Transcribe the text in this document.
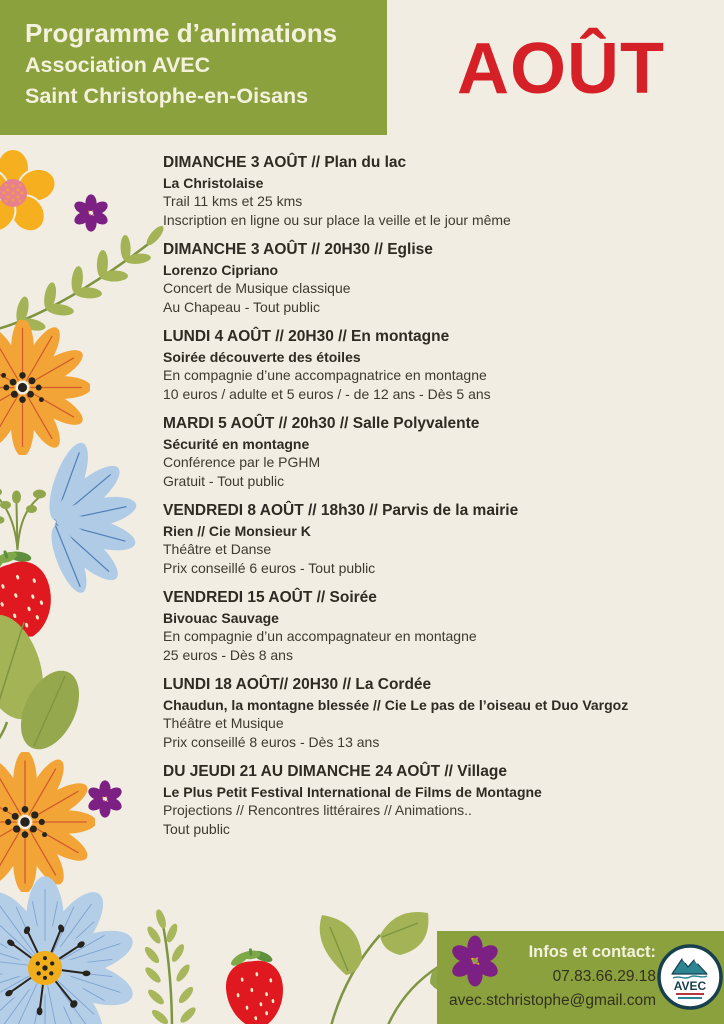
Programme d’animations
Association AVEC
Saint Christophe-en-Oisans	AOÛT
DIMANCHE 3 AOÛT // Plan du lac
La Christolaise
Trail 11 kms et 25 kms
Inscription en ligne ou sur place la veille et le jour même
DIMANCHE 3 AOÛT // 20H30 // Eglise
Lorenzo Cipriano
Concert de Musique classique
Au Chapeau - Tout public
LUNDI 4 AOÛT // 20H30 // En montagne
Soirée découverte des étoiles
En compagnie d’une accompagnatrice en montagne
10 euros / adulte et 5 euros / - de 12 ans - Dès 5 ans
MARDI 5 AOÛT // 20h30 // Salle Polyvalente
Sécurité en montagne
Conférence par le PGHM
Gratuit - Tout public
VENDREDI 8 AOÛT // 18h30 // Parvis de la mairie
Rien // Cie Monsieur K
Théâtre et Danse
Prix conseillé 6 euros - Tout public
VENDREDI 15 AOÛT // Soirée
Bivouac Sauvage
En compagnie d’un accompagnateur en montagne
25 euros - Dès 8 ans
LUNDI 18 AOÛT// 20H30 // La Cordée
Chaudun, la montagne blessée // Cie Le pas de l’oiseau et Duo Vargoz
Théâtre et Musique
Prix conseillé 8 euros - Dès 13 ans
DU JEUDI 21 AU DIMANCHE 24 AOÛT // Village
Le Plus Petit Festival International de Films de Montagne
Projections // Rencontres littéraires // Animations..
Tout public
Infos et contact:
07.83.66.29.18
avec.stchristophe@gmail.com
AVEC
